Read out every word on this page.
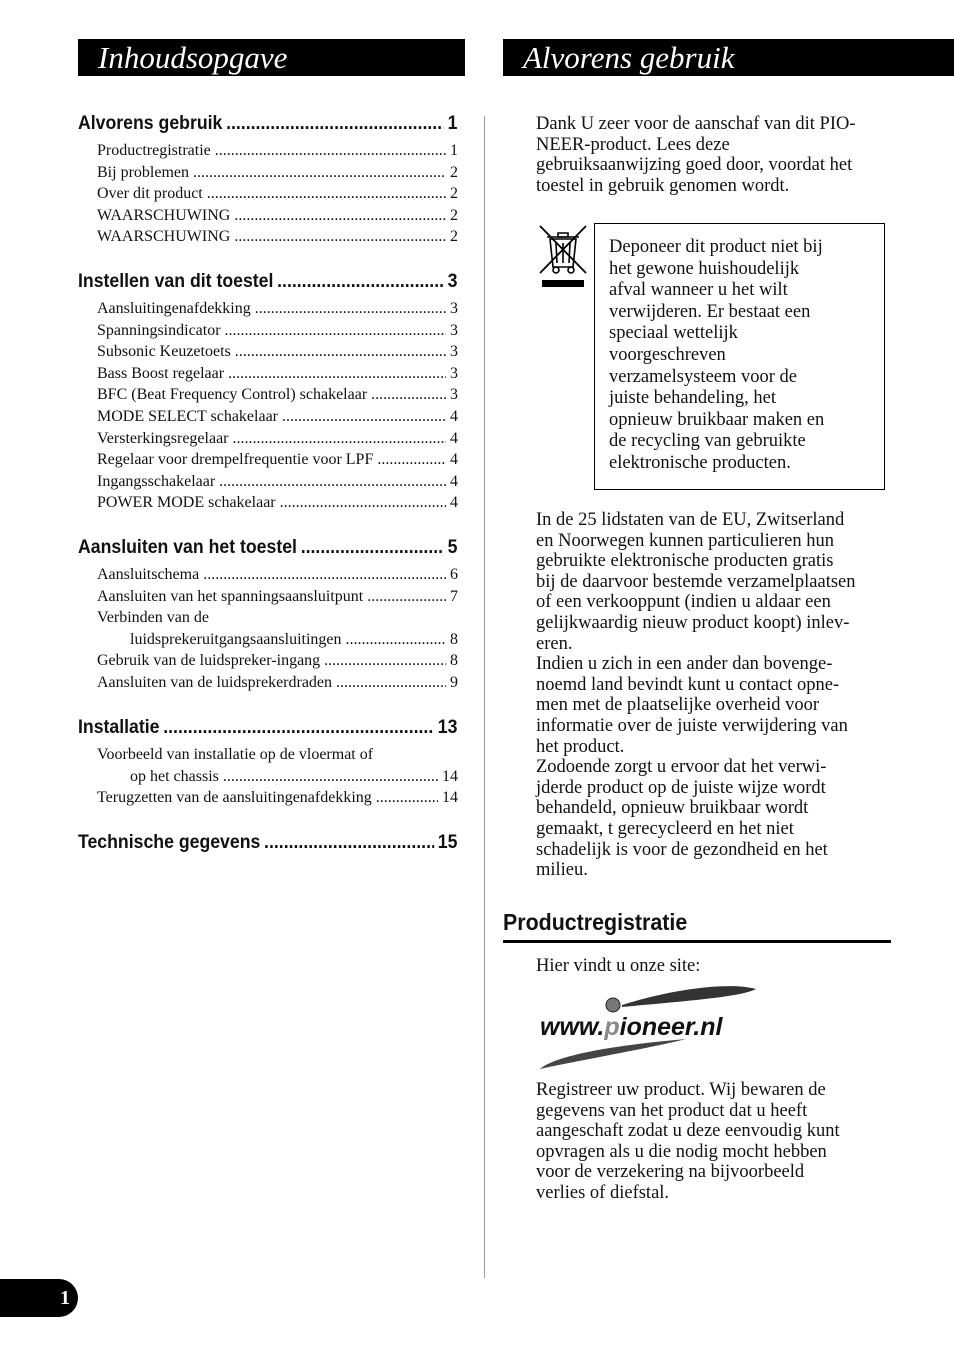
Inhoudsopgave	Alvorens gebruik
Alvorens gebruik .....	1
Productregistratie .....	1
Bij problemen .....	2
Over dit product .....	2
WAARSCHUWING .....	2
WAARSCHUWING .....	2
Instellen van dit toestel .....	3
Aansluitingenafdekking .....	3
Spanningsindicator .....	3
Subsonic Keuzetoets .....	3
Bass Boost regelaar .....	3
BFC (Beat Frequency Control) schakelaar .....	3
MODE SELECT schakelaar .....	4
Versterkingsregelaar .....	4
Regelaar voor drempelfrequentie voor LPF .....	4
Ingangsschakelaar .....	4
POWER MODE schakelaar .....	4
Aansluiten van het toestel .....	5
Aansluitschema .....	6
Aansluiten van het spanningsaansluitpunt .....	7
Verbinden van de
luidsprekeruitgangsaansluitingen .....	8
Gebruik van de luidspreker-ingang .....	8
Aansluiten van de luidsprekerdraden .....	9
Installatie .....	13
Voorbeeld van installatie op de vloermat of
op het chassis .....	14
Terugzetten van de aansluitingenafdekking .....	14
Technische gegevens .....	15
Dank U zeer voor de aanschaf van dit PIO-
NEER-product. Lees deze
gebruiksaanwijzing goed door, voordat het
toestel in gebruik genomen wordt.
Deponeer dit product niet bij
het gewone huishoudelijk
afval wanneer u het wilt
verwijderen. Er bestaat een
speciaal wettelijk
voorgeschreven
verzamelsysteem voor de
juiste behandeling, het
opnieuw bruikbaar maken en
de recycling van gebruikte
elektronische producten.
In de 25 lidstaten van de EU, Zwitserland
en Noorwegen kunnen particulieren hun
gebruikte elektronische producten gratis
bij de daarvoor bestemde verzamelplaatsen
of een verkooppunt (indien u aldaar een
gelijkwaardig nieuw product koopt) inlev-
eren.
Indien u zich in een ander dan bovenge-
noemd land bevindt kunt u contact opne-
men met de plaatselijke overheid voor
informatie over de juiste verwijdering van
het product.
Zodoende zorgt u ervoor dat het verwi-
jderde product op de juiste wijze wordt
behandeld, opnieuw bruikbaar wordt
gemaakt, t gerecycleerd en het niet
schadelijk is voor de gezondheid en het
milieu.
Productregistratie
Hier vindt u onze site:
www.pioneer.nl
Registreer uw product. Wij bewaren de
gegevens van het product dat u heeft
aangeschaft zodat u deze eenvoudig kunt
opvragen als u die nodig mocht hebben
voor de verzekering na bijvoorbeeld
verlies of diefstal.
1
